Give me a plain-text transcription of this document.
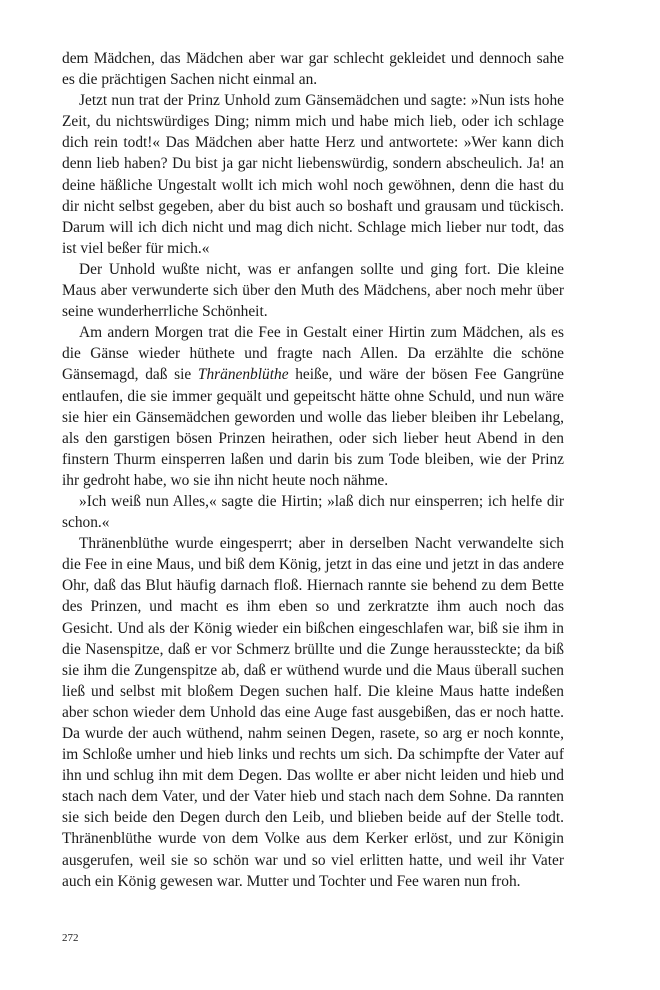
dem Mädchen, das Mädchen aber war gar schlecht gekleidet und dennoch sahe es die prächtigen Sachen nicht einmal an.

Jetzt nun trat der Prinz Unhold zum Gänsemädchen und sagte: »Nun ists hohe Zeit, du nichtswürdiges Ding; nimm mich und habe mich lieb, oder ich schlage dich rein todt!« Das Mädchen aber hatte Herz und antwortete: »Wer kann dich denn lieb haben? Du bist ja gar nicht liebenswürdig, sondern abscheulich. Ja! an deine häßliche Ungestalt wollt ich mich wohl noch gewöhnen, denn die hast du dir nicht selbst gegeben, aber du bist auch so boshaft und grausam und tückisch. Darum will ich dich nicht und mag dich nicht. Schlage mich lieber nur todt, das ist viel beßer für mich.«

Der Unhold wußte nicht, was er anfangen sollte und ging fort. Die kleine Maus aber verwunderte sich über den Muth des Mädchens, aber noch mehr über seine wunderherrliche Schönheit.

Am andern Morgen trat die Fee in Gestalt einer Hirtin zum Mädchen, als es die Gänse wieder hüthete und fragte nach Allen. Da erzählte die schöne Gänsemagd, daß sie Thränenblüthe heiße, und wäre der bösen Fee Gangrüne entlaufen, die sie immer gequält und gepeitscht hätte ohne Schuld, und nun wäre sie hier ein Gänsemädchen geworden und wolle das lieber bleiben ihr Lebelang, als den garstigen bösen Prinzen heirathen, oder sich lieber heut Abend in den finstern Thurm einsperren laßen und darin bis zum Tode bleiben, wie der Prinz ihr gedroht habe, wo sie ihn nicht heute noch nähme.

»Ich weiß nun Alles,« sagte die Hirtin; »laß dich nur einsperren; ich helfe dir schon.«

Thränenblüthe wurde eingesperrt; aber in derselben Nacht verwandelte sich die Fee in eine Maus, und biß dem König, jetzt in das eine und jetzt in das andere Ohr, daß das Blut häufig darnach floß. Hiernach rannte sie behend zu dem Bette des Prinzen, und macht es ihm eben so und zerkratzte ihm auch noch das Gesicht. Und als der König wieder ein bißchen eingeschlafen war, biß sie ihm in die Nasenspitze, daß er vor Schmerz brüllte und die Zunge heraussteckte; da biß sie ihm die Zungenspitze ab, daß er wüthend wurde und die Maus überall suchen ließ und selbst mit bloßem Degen suchen half. Die kleine Maus hatte indeßen aber schon wieder dem Unhold das eine Auge fast ausgebißen, das er noch hatte. Da wurde der auch wüthend, nahm seinen Degen, rasete, so arg er noch konnte, im Schloße umher und hieb links und rechts um sich. Da schimpfte der Vater auf ihn und schlug ihn mit dem Degen. Das wollte er aber nicht leiden und hieb und stach nach dem Vater, und der Vater hieb und stach nach dem Sohne. Da rannten sie sich beide den Degen durch den Leib, und blieben beide auf der Stelle todt. Thränenblüthe wurde von dem Volke aus dem Kerker erlöst, und zur Königin ausgerufen, weil sie so schön war und so viel erlitten hatte, und weil ihr Vater auch ein König gewesen war. Mutter und Tochter und Fee waren nun froh.

272
